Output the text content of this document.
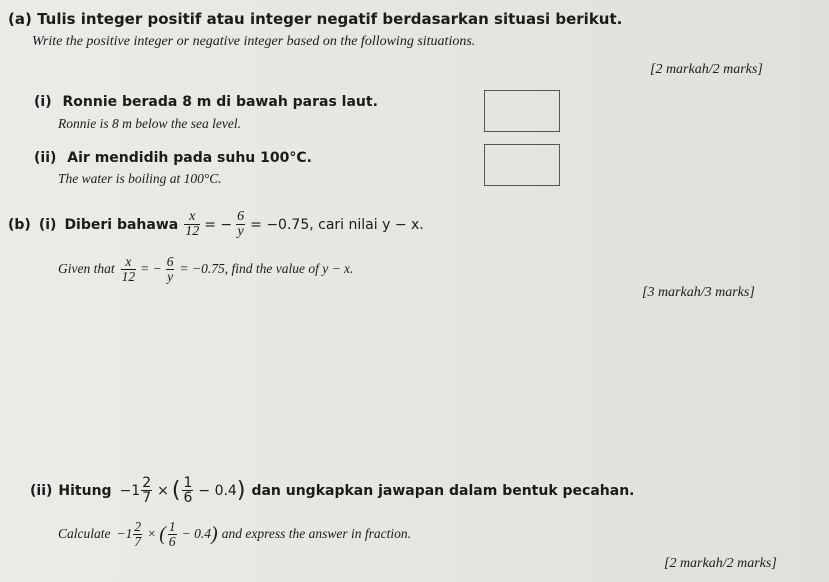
(a) Tulis integer positif atau integer negatif berdasarkan situasi berikut.
Write the positive integer or negative integer based on the following situations.
[2 markah/2 marks]
(i) Ronnie berada 8 m di bawah paras laut.
Ronnie is 8 m below the sea level.
(ii) Air mendidih pada suhu 100°C.
The water is boiling at 100°C.
(b) (i) Diberi bahawa $\frac{x}{12}$ = − $\frac{6}{y} = -0.75$ , cari nilai y − x.
Given that $\frac{x}{12}$ = − $\frac{6}{y} = -0.75$ , find the value of y − x.
[3 markah/3 marks]

(ii) Hitung $-1 \frac{2}{7}$ × ( $\frac{1}{6} - 0.4$ ) dan ungkapkan jawapan dalam bentuk pecahan.
Calculate $-1 \frac{2}{7}$ × ( $\frac{1}{6} - 0.4$ ) and express the answer in fraction.
[2 markah/2 marks]
